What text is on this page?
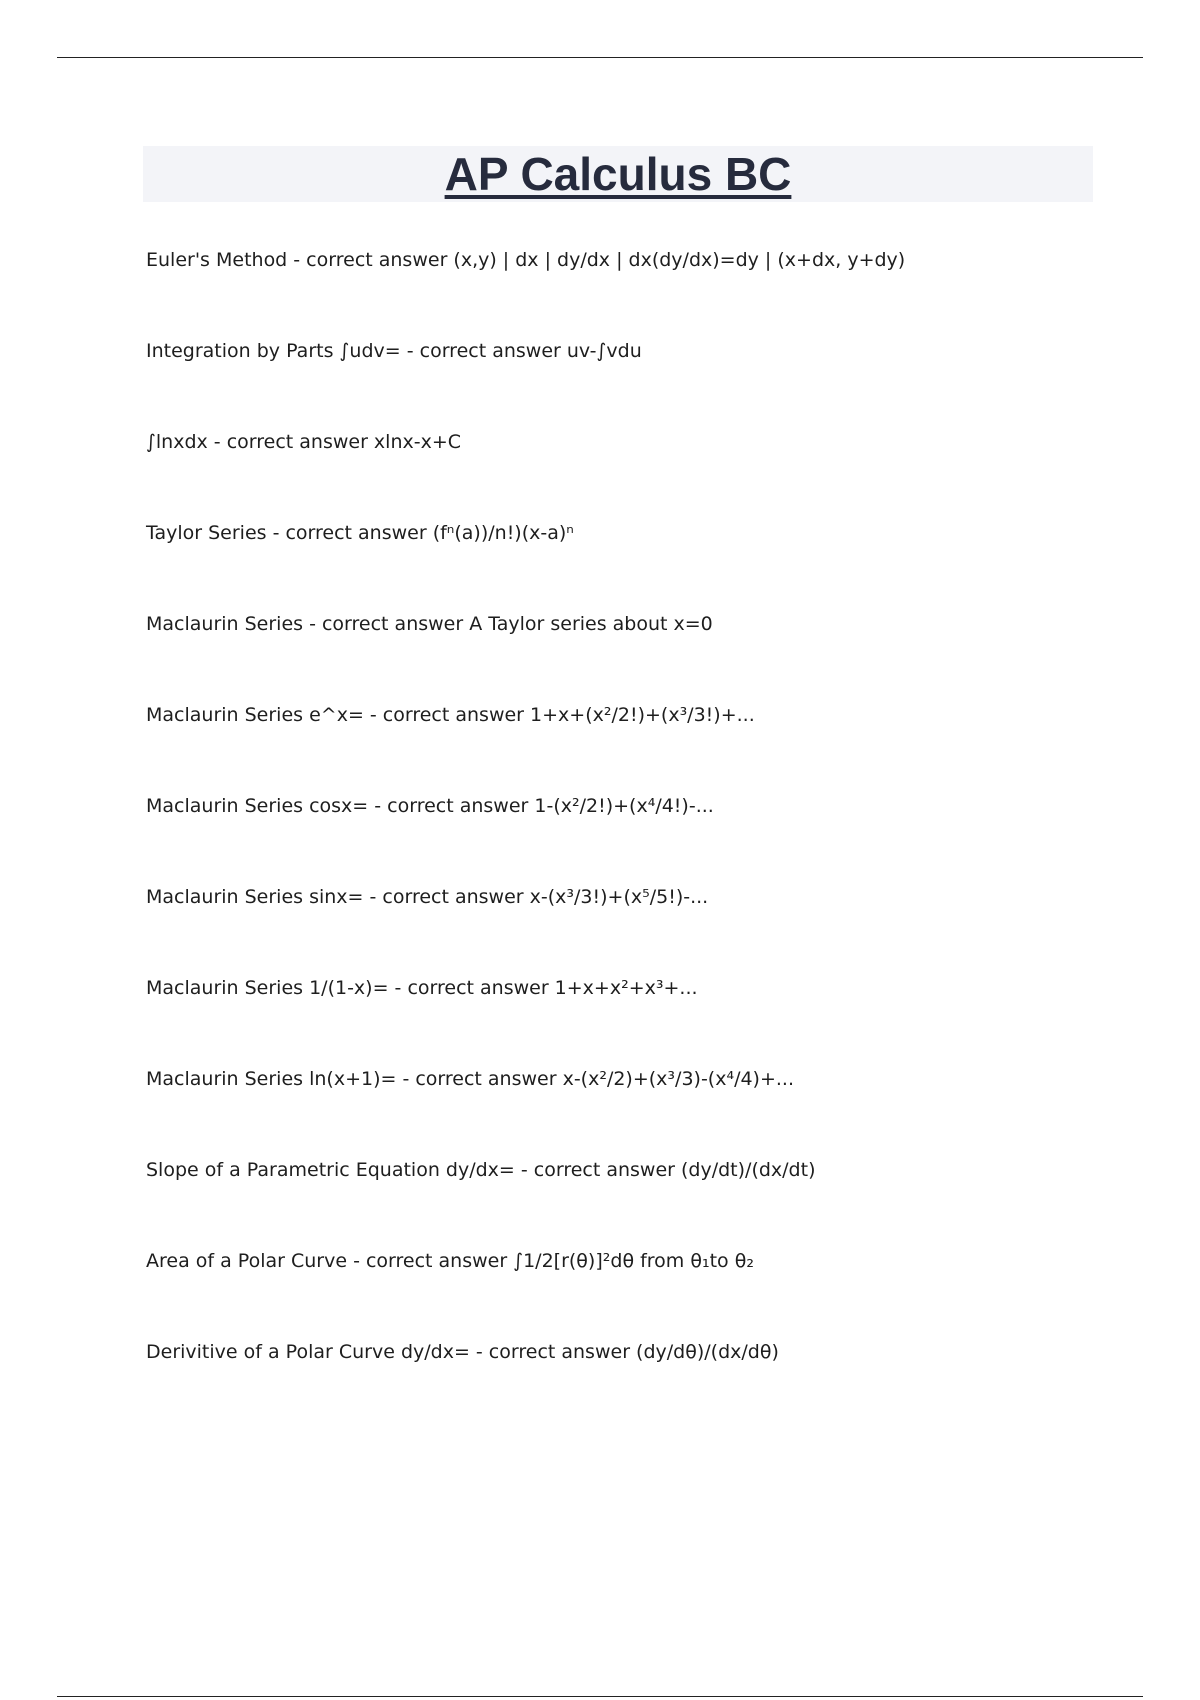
AP Calculus BC
Euler's Method - correct answer (x,y) | dx | dy/dx | dx(dy/dx)=dy | (x+dx, y+dy)
Integration by Parts ∫udv= - correct answer uv-∫vdu
∫lnxdx - correct answer xlnx-x+C
Taylor Series - correct answer (fⁿ(a))/n!)(x-a)ⁿ
Maclaurin Series - correct answer A Taylor series about x=0
Maclaurin Series e^x= - correct answer 1+x+(x²/2!)+(x³/3!)+...
Maclaurin Series cosx= - correct answer 1-(x²/2!)+(x⁴/4!)-...
Maclaurin Series sinx= - correct answer x-(x³/3!)+(x⁵/5!)-...
Maclaurin Series 1/(1-x)= - correct answer 1+x+x²+x³+...
Maclaurin Series ln(x+1)= - correct answer x-(x²/2)+(x³/3)-(x⁴/4)+...
Slope of a Parametric Equation dy/dx= - correct answer (dy/dt)/(dx/dt)
Area of a Polar Curve - correct answer ∫1/2[r(θ)]²dθ from θ₁to θ₂
Derivitive of a Polar Curve dy/dx= - correct answer (dy/dθ)/(dx/dθ)
